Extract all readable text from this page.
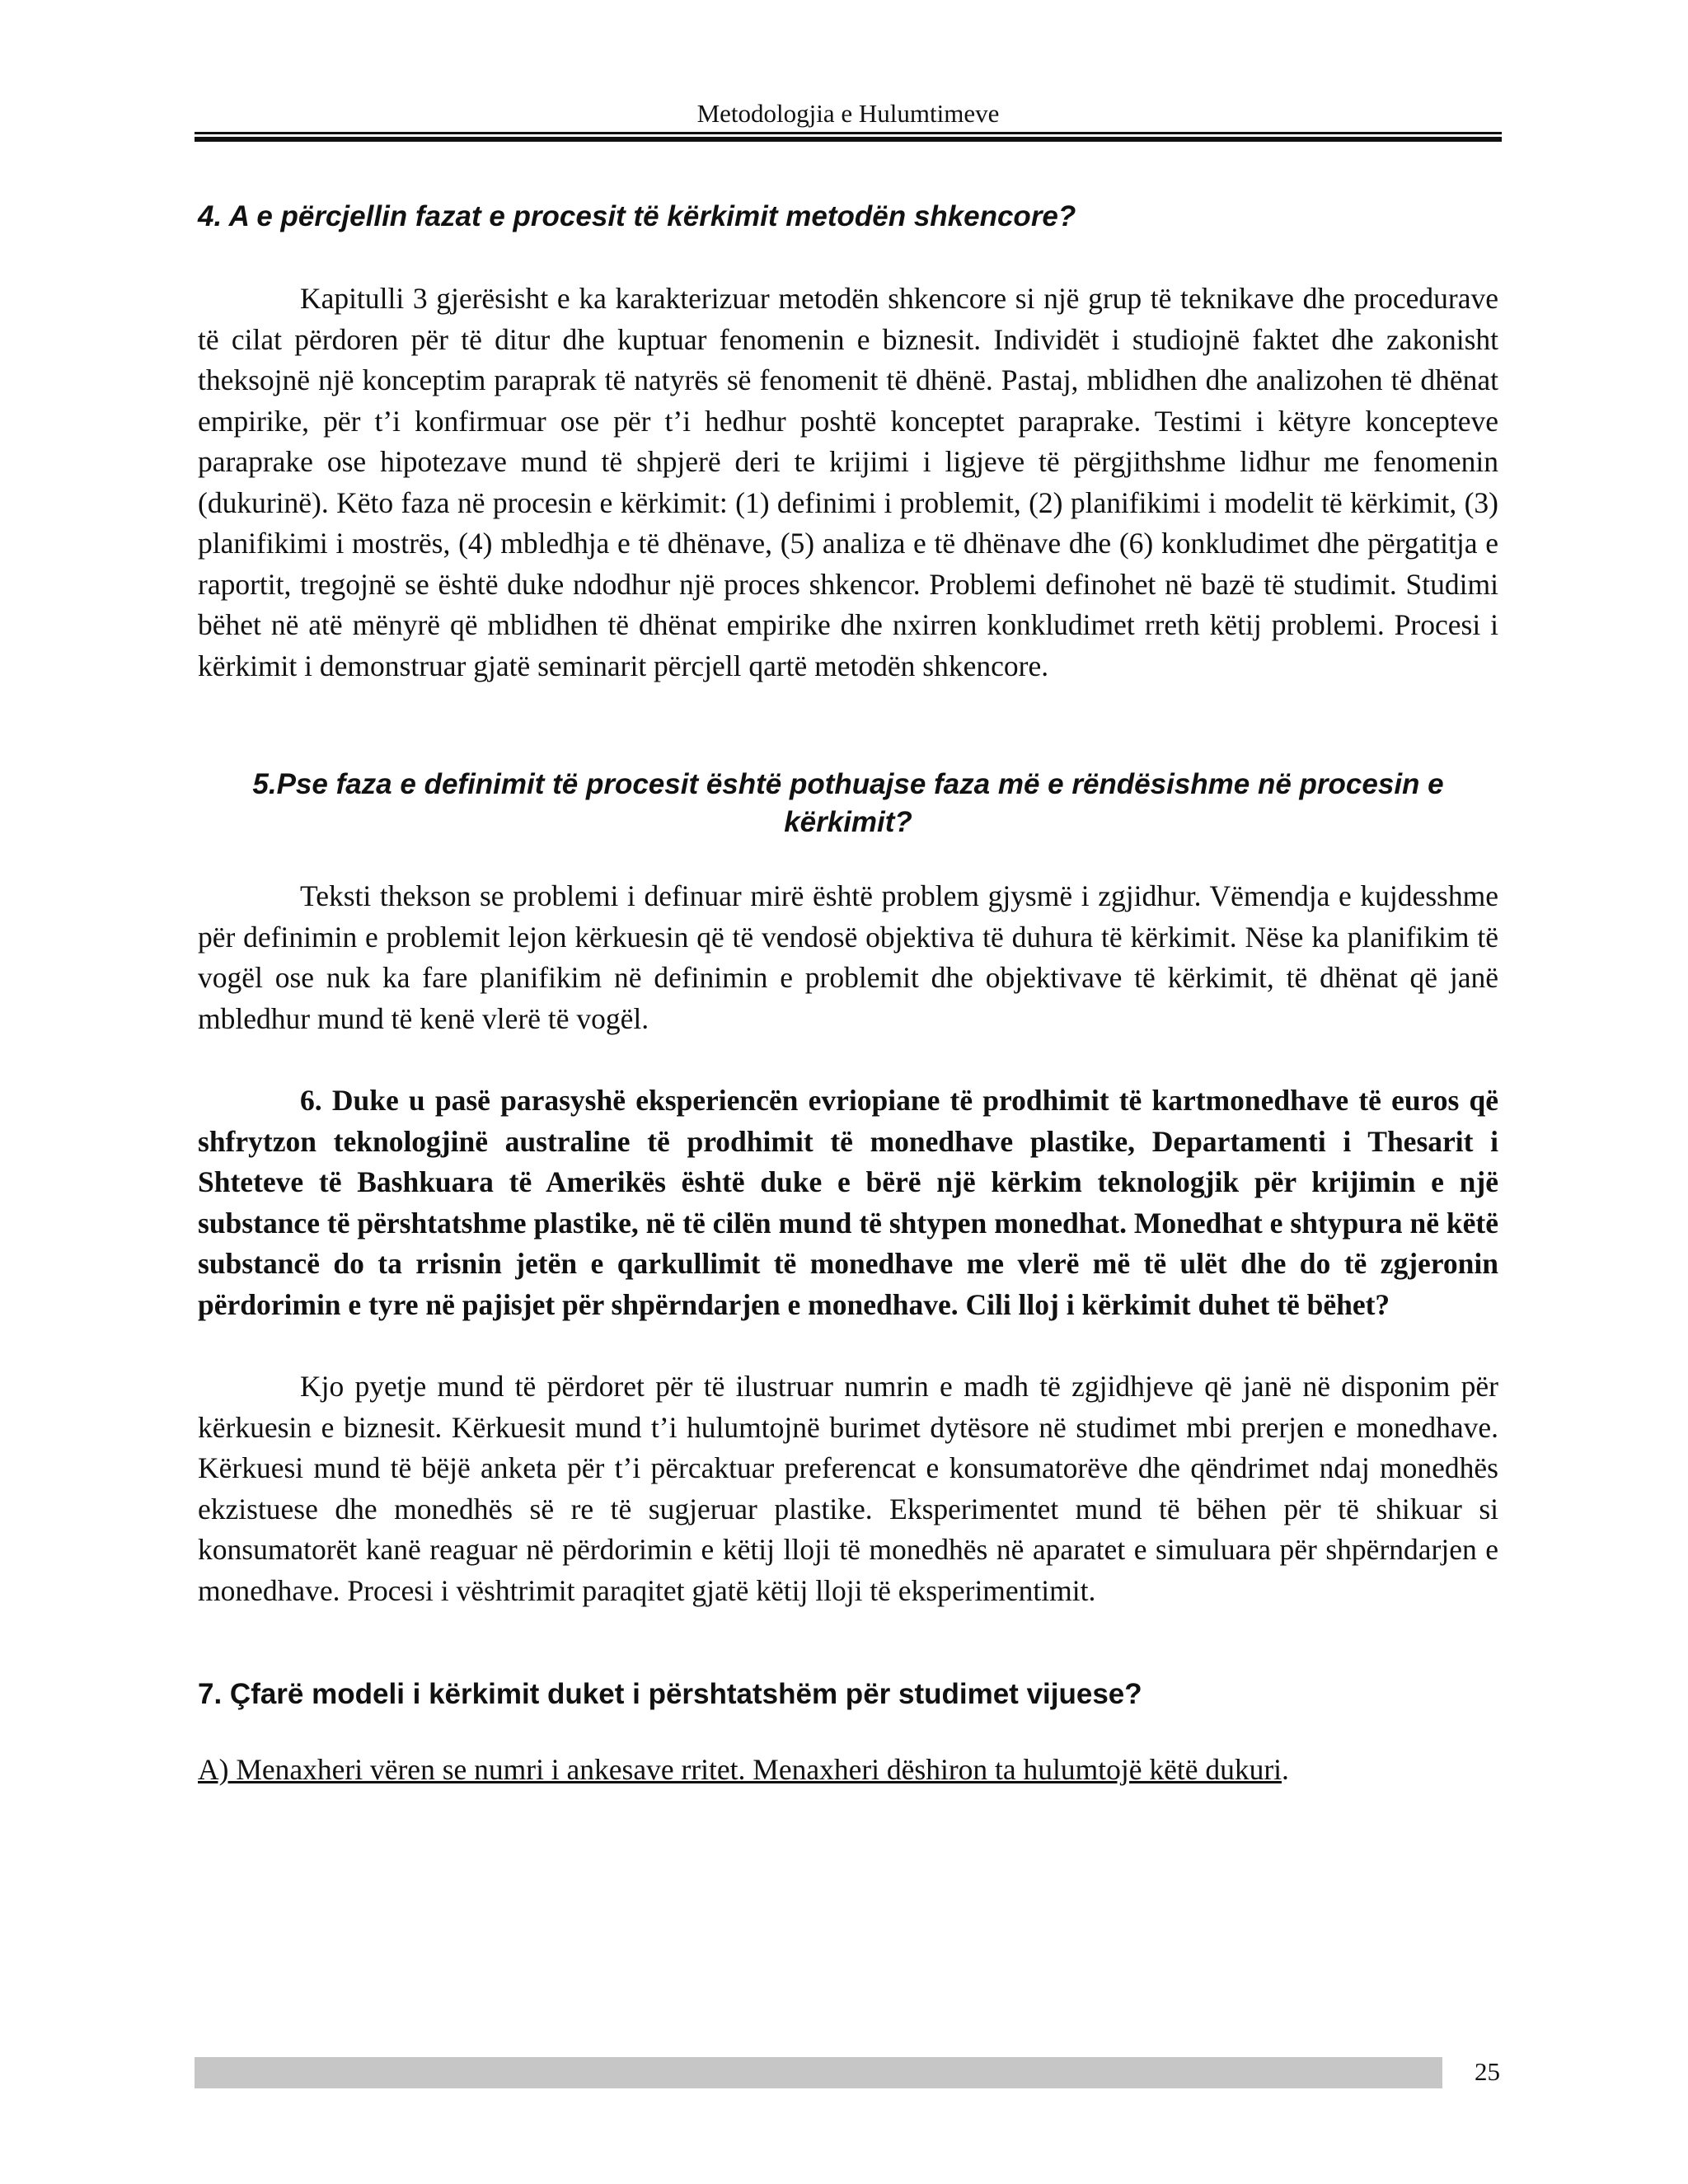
Metodologjia e Hulumtimeve
4. A e përcjellin fazat e procesit të kërkimit metodën shkencore?

Kapitulli 3 gjerësisht e ka karakterizuar metodën shkencore si një grup të teknikave dhe procedurave të cilat përdoren për të ditur dhe kuptuar fenomenin e biznesit. Individët i studiojnë faktet dhe zakonisht theksojnë një konceptim paraprak të natyrës së fenomenit të dhënë. Pastaj, mblidhen dhe analizohen të dhënat empirike, për t’i konfirmuar ose për t’i hedhur poshtë konceptet paraprake. Testimi i këtyre koncepteve paraprake ose hipotezave mund të shpjerë deri te krijimi i ligjeve të përgjithshme lidhur me fenomenin (dukurinë). Këto faza në procesin e kërkimit: (1) definimi i problemit, (2) planifikimi i modelit të kërkimit, (3) planifikimi i mostrës, (4) mbledhja e të dhënave, (5) analiza e të dhënave dhe (6) konkludimet dhe përgatitja e raportit, tregojnë se është duke ndodhur një proces shkencor. Problemi definohet në bazë të studimit. Studimi bëhet në atë mënyrë që mblidhen të dhënat empirike dhe nxirren konkludimet rreth këtij problemi. Procesi i kërkimit i demonstruar gjatë seminarit përcjell qartë metodën shkencore.

5.Pse faza e definimit të procesit është pothuajse faza më e rëndësishme në procesin e kërkimit?

Teksti thekson se problemi i definuar mirë është problem gjysmë i zgjidhur. Vëmendja e kujdesshme për definimin e problemit lejon kërkuesin që të vendosë objektiva të duhura të kërkimit. Nëse ka planifikim të vogël ose nuk ka fare planifikim në definimin e problemit dhe objektivave të kërkimit, të dhënat që janë mbledhur mund të kenë vlerë të vogël.

6. Duke u pasë parasyshë eksperiencën evriopiane të prodhimit të kartmonedhave të euros që shfrytzon teknologjinë australine të prodhimit të monedhave plastike, Departamenti i Thesarit i Shteteve të Bashkuara të Amerikës është duke e bërë një kërkim teknologjik për krijimin e një substance të përshtatshme plastike, në të cilën mund të shtypen monedhat. Monedhat e shtypura në këtë substancë do ta rrisnin jetën e qarkullimit të monedhave me vlerë më të ulët dhe do të zgjeronin përdorimin e tyre në pajisjet për shpërndarjen e monedhave. Cili lloj i kërkimit duhet të bëhet?

Kjo pyetje mund të përdoret për të ilustruar numrin e madh të zgjidhjeve që janë në disponim për kërkuesin e biznesit. Kërkuesit mund t’i hulumtojnë burimet dytësore në studimet mbi prerjen e monedhave. Kërkuesi mund të bëjë anketa për t’i përcaktuar preferencat e konsumatorëve dhe qëndrimet ndaj monedhës ekzistuese dhe monedhës së re të sugjeruar plastike. Eksperimentet mund të bëhen për të shikuar si konsumatorët kanë reaguar në përdorimin e këtij lloji të monedhës në aparatet e simuluara për shpërndarjen e monedhave. Procesi i vështrimit paraqitet gjatë këtij lloji të eksperimentimit.

7. Çfarë modeli i kërkimit duket i përshtatshëm për studimet vijuese?

A) Menaxheri vëren se numri i ankesave rritet. Menaxheri dëshiron ta hulumtojë këtë dukuri.

25
